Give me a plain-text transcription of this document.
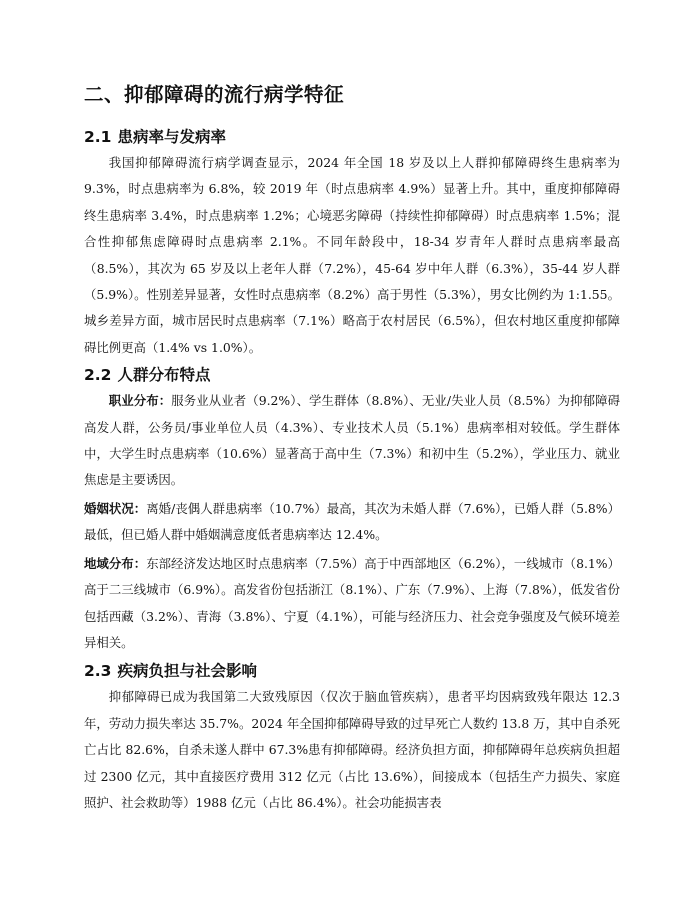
二、抑郁障碍的流行病学特征
2.1 患病率与发病率

我国抑郁障碍流行病学调查显示，2024 年全国 18 岁及以上人群抑郁障碍终生患病率为 9.3%，时点患病率为 6.8%，较 2019 年（时点患病率 4.9%）显著上升。其中，重度抑郁障碍终生患病率 3.4%，时点患病率 1.2%；心境恶劣障碍（持续性抑郁障碍）时点患病率 1.5%；混合性抑郁焦虑障碍时点患病率 2.1%。不同年龄段中，18-34 岁青年人群时点患病率最高（8.5%），其次为 65 岁及以上老年人群（7.2%），45-64 岁中年人群（6.3%），35-44 岁人群（5.9%）。性别差异显著，女性时点患病率（8.2%）高于男性（5.3%），男女比例约为 1:1.55。城乡差异方面，城市居民时点患病率（7.1%）略高于农村居民（6.5%），但农村地区重度抑郁障碍比例更高（1.4% vs 1.0%）。

2.2 人群分布特点

职业分布：服务业从业者（9.2%）、学生群体（8.8%）、无业/失业人员（8.5%）为抑郁障碍高发人群，公务员/事业单位人员（4.3%）、专业技术人员（5.1%）患病率相对较低。学生群体中，大学生时点患病率（10.6%）显著高于高中生（7.3%）和初中生（5.2%），学业压力、就业焦虑是主要诱因。

婚姻状况：离婚/丧偶人群患病率（10.7%）最高，其次为未婚人群（7.6%），已婚人群（5.8%）最低，但已婚人群中婚姻满意度低者患病率达 12.4%。

地域分布：东部经济发达地区时点患病率（7.5%）高于中西部地区（6.2%），一线城市（8.1%）高于二三线城市（6.9%）。高发省份包括浙江（8.1%）、广东（7.9%）、上海（7.8%），低发省份包括西藏（3.2%）、青海（3.8%）、宁夏（4.1%），可能与经济压力、社会竞争强度及气候环境差异相关。

2.3 疾病负担与社会影响

抑郁障碍已成为我国第二大致残原因（仅次于脑血管疾病），患者平均因病致残年限达 12.3 年，劳动力损失率达 35.7%。2024 年全国抑郁障碍导致的过早死亡人数约 13.8 万，其中自杀死亡占比 82.6%，自杀未遂人群中 67.3%患有抑郁障碍。经济负担方面，抑郁障碍年总疾病负担超过 2300 亿元，其中直接医疗费用 312 亿元（占比 13.6%），间接成本（包括生产力损失、家庭照护、社会救助等）1988 亿元（占比 86.4%）。社会功能损害表
